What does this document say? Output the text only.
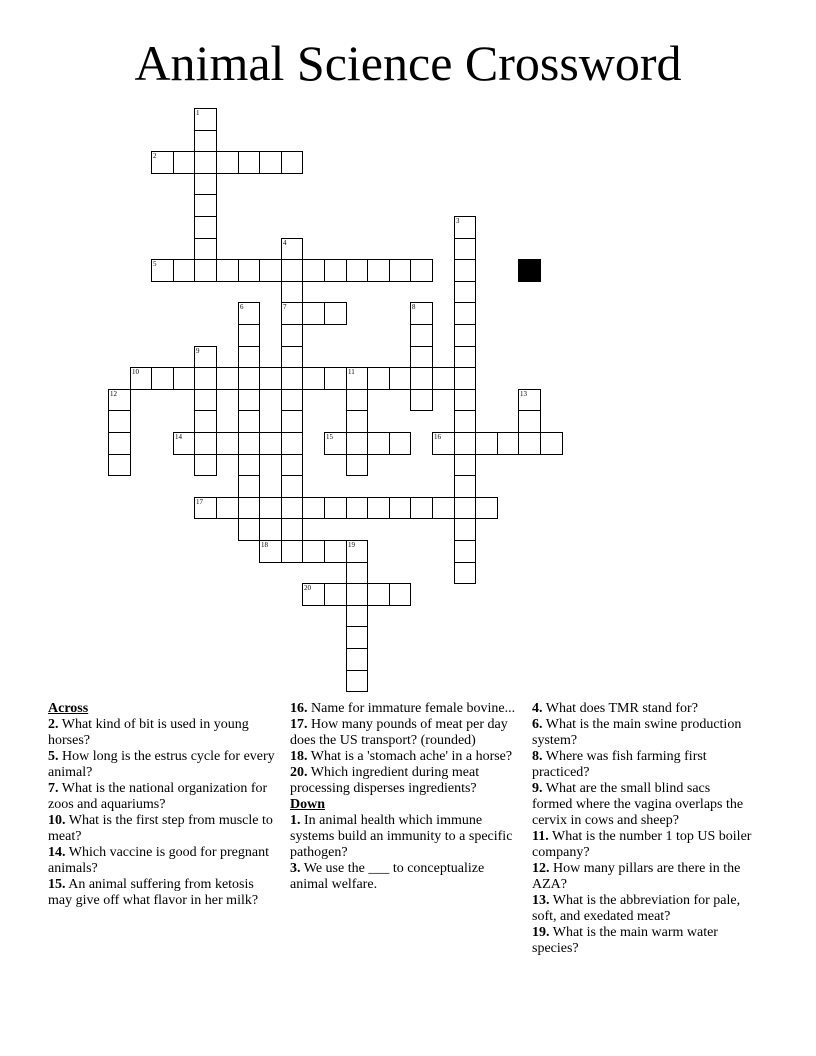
Animal Science Crossword
1
2
3
4
7
5
6	8
9
10	11
12	13
14	15	16
17
18	19
20
Across
2. What kind of bit is used in young horses?
5. How long is the estrus cycle for every animal?
7. What is the national organization for zoos and aquariums?
10. What is the first step from muscle to meat?
14. Which vaccine is good for pregnant animals?
15. An animal suffering from ketosis may give off what flavor in her milk?
16. Name for immature female bovine...
17. How many pounds of meat per day does the US transport? (rounded)
18. What is a 'stomach ache' in a horse?
20. Which ingredient during meat processing disperses ingredients?
Down
1. In animal health which immune systems build an immunity to a specific pathogen?
3. We use the ___ to conceptualize animal welfare.
4. What does TMR stand for?
6. What is the main swine production system?
8. Where was fish farming first practiced?
9. What are the small blind sacs formed where the vagina overlaps the cervix in cows and sheep?
11. What is the number 1 top US boiler company?
12. How many pillars are there in the AZA?
13. What is the abbreviation for pale, soft, and exedated meat?
19. What is the main warm water species?
